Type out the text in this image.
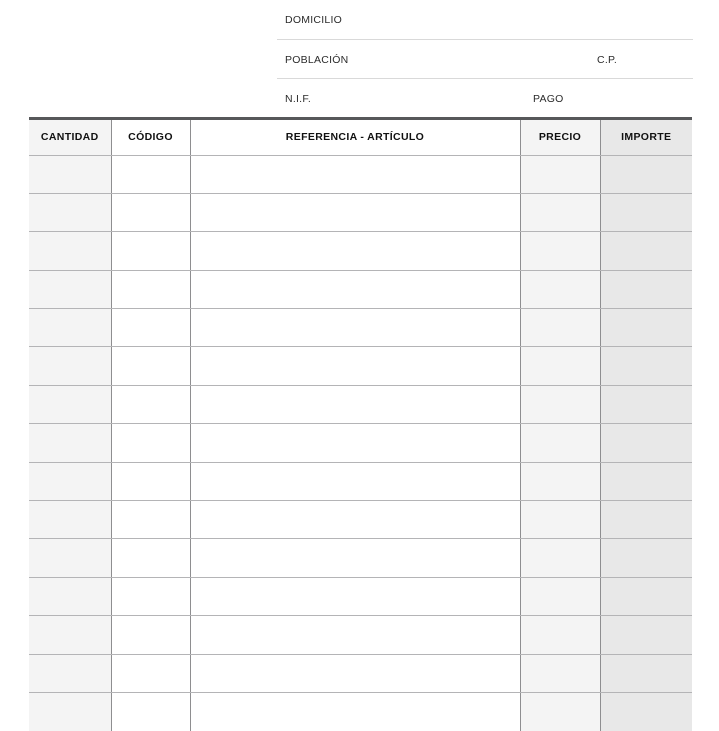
DOMICILIO
POBLACIÓN	C.P.
N.I.F.	PAGO
CANTIDAD	CÓDIGO	REFERENCIA - ARTÍCULO	PRECIO	IMPORTE
